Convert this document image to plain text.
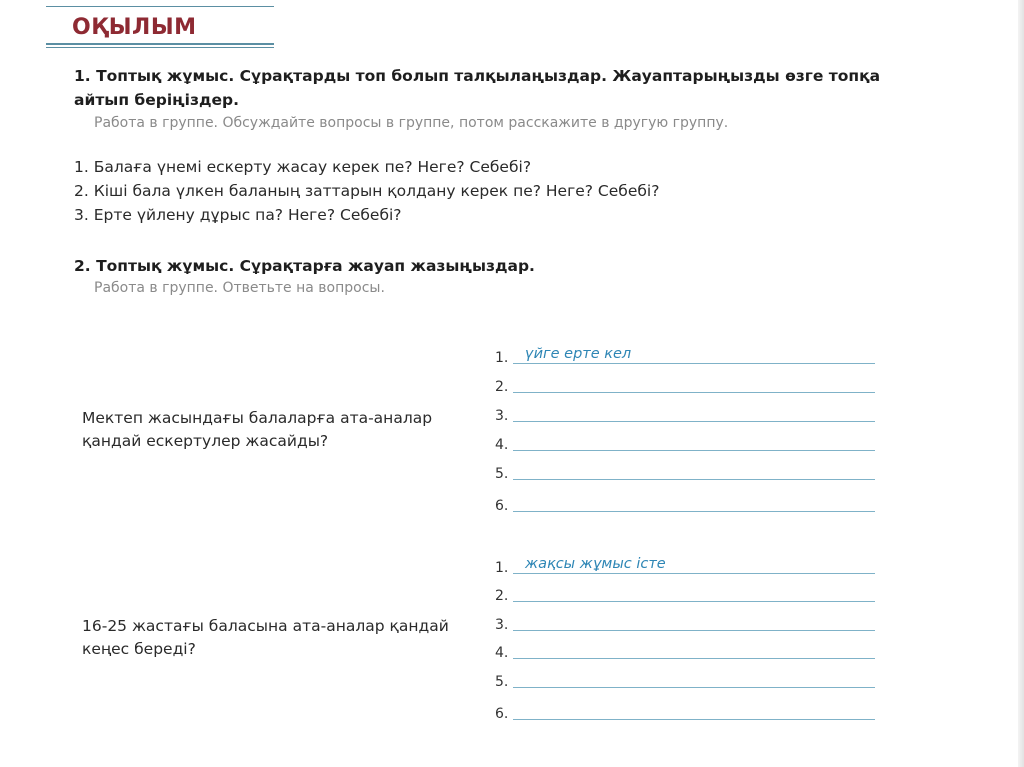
ОҚЫЛЫМ
1. Топтық жұмыс. Сұрақтарды топ болып талқылаңыздар. Жауаптарыңызды өзге топқа
айтып беріңіздер.
Работа в группе. Обсуждайте вопросы в группе, потом расскажите в другую группу.
1. Балаға үнемі ескерту жасау керек пе? Неге? Себебі?
2. Кіші бала үлкен баланың заттарын қолдану керек пе? Неге? Себебі?
3. Ерте үйлену дұрыс па? Неге? Себебі?
2. Топтық жұмыс. Сұрақтарға жауап жазыңыздар.
Работа в группе. Ответьте на вопросы.
Мектеп жасындағы балаларға ата-аналар
қандай ескертулер жасайды?
1. үйге ерте кел
2.
3.
4.
5.
6.
16-25 жастағы баласына ата-аналар қандай
кеңес береді?
1. жақсы жұмыс істе
2.
3.
4.
5.
6.
